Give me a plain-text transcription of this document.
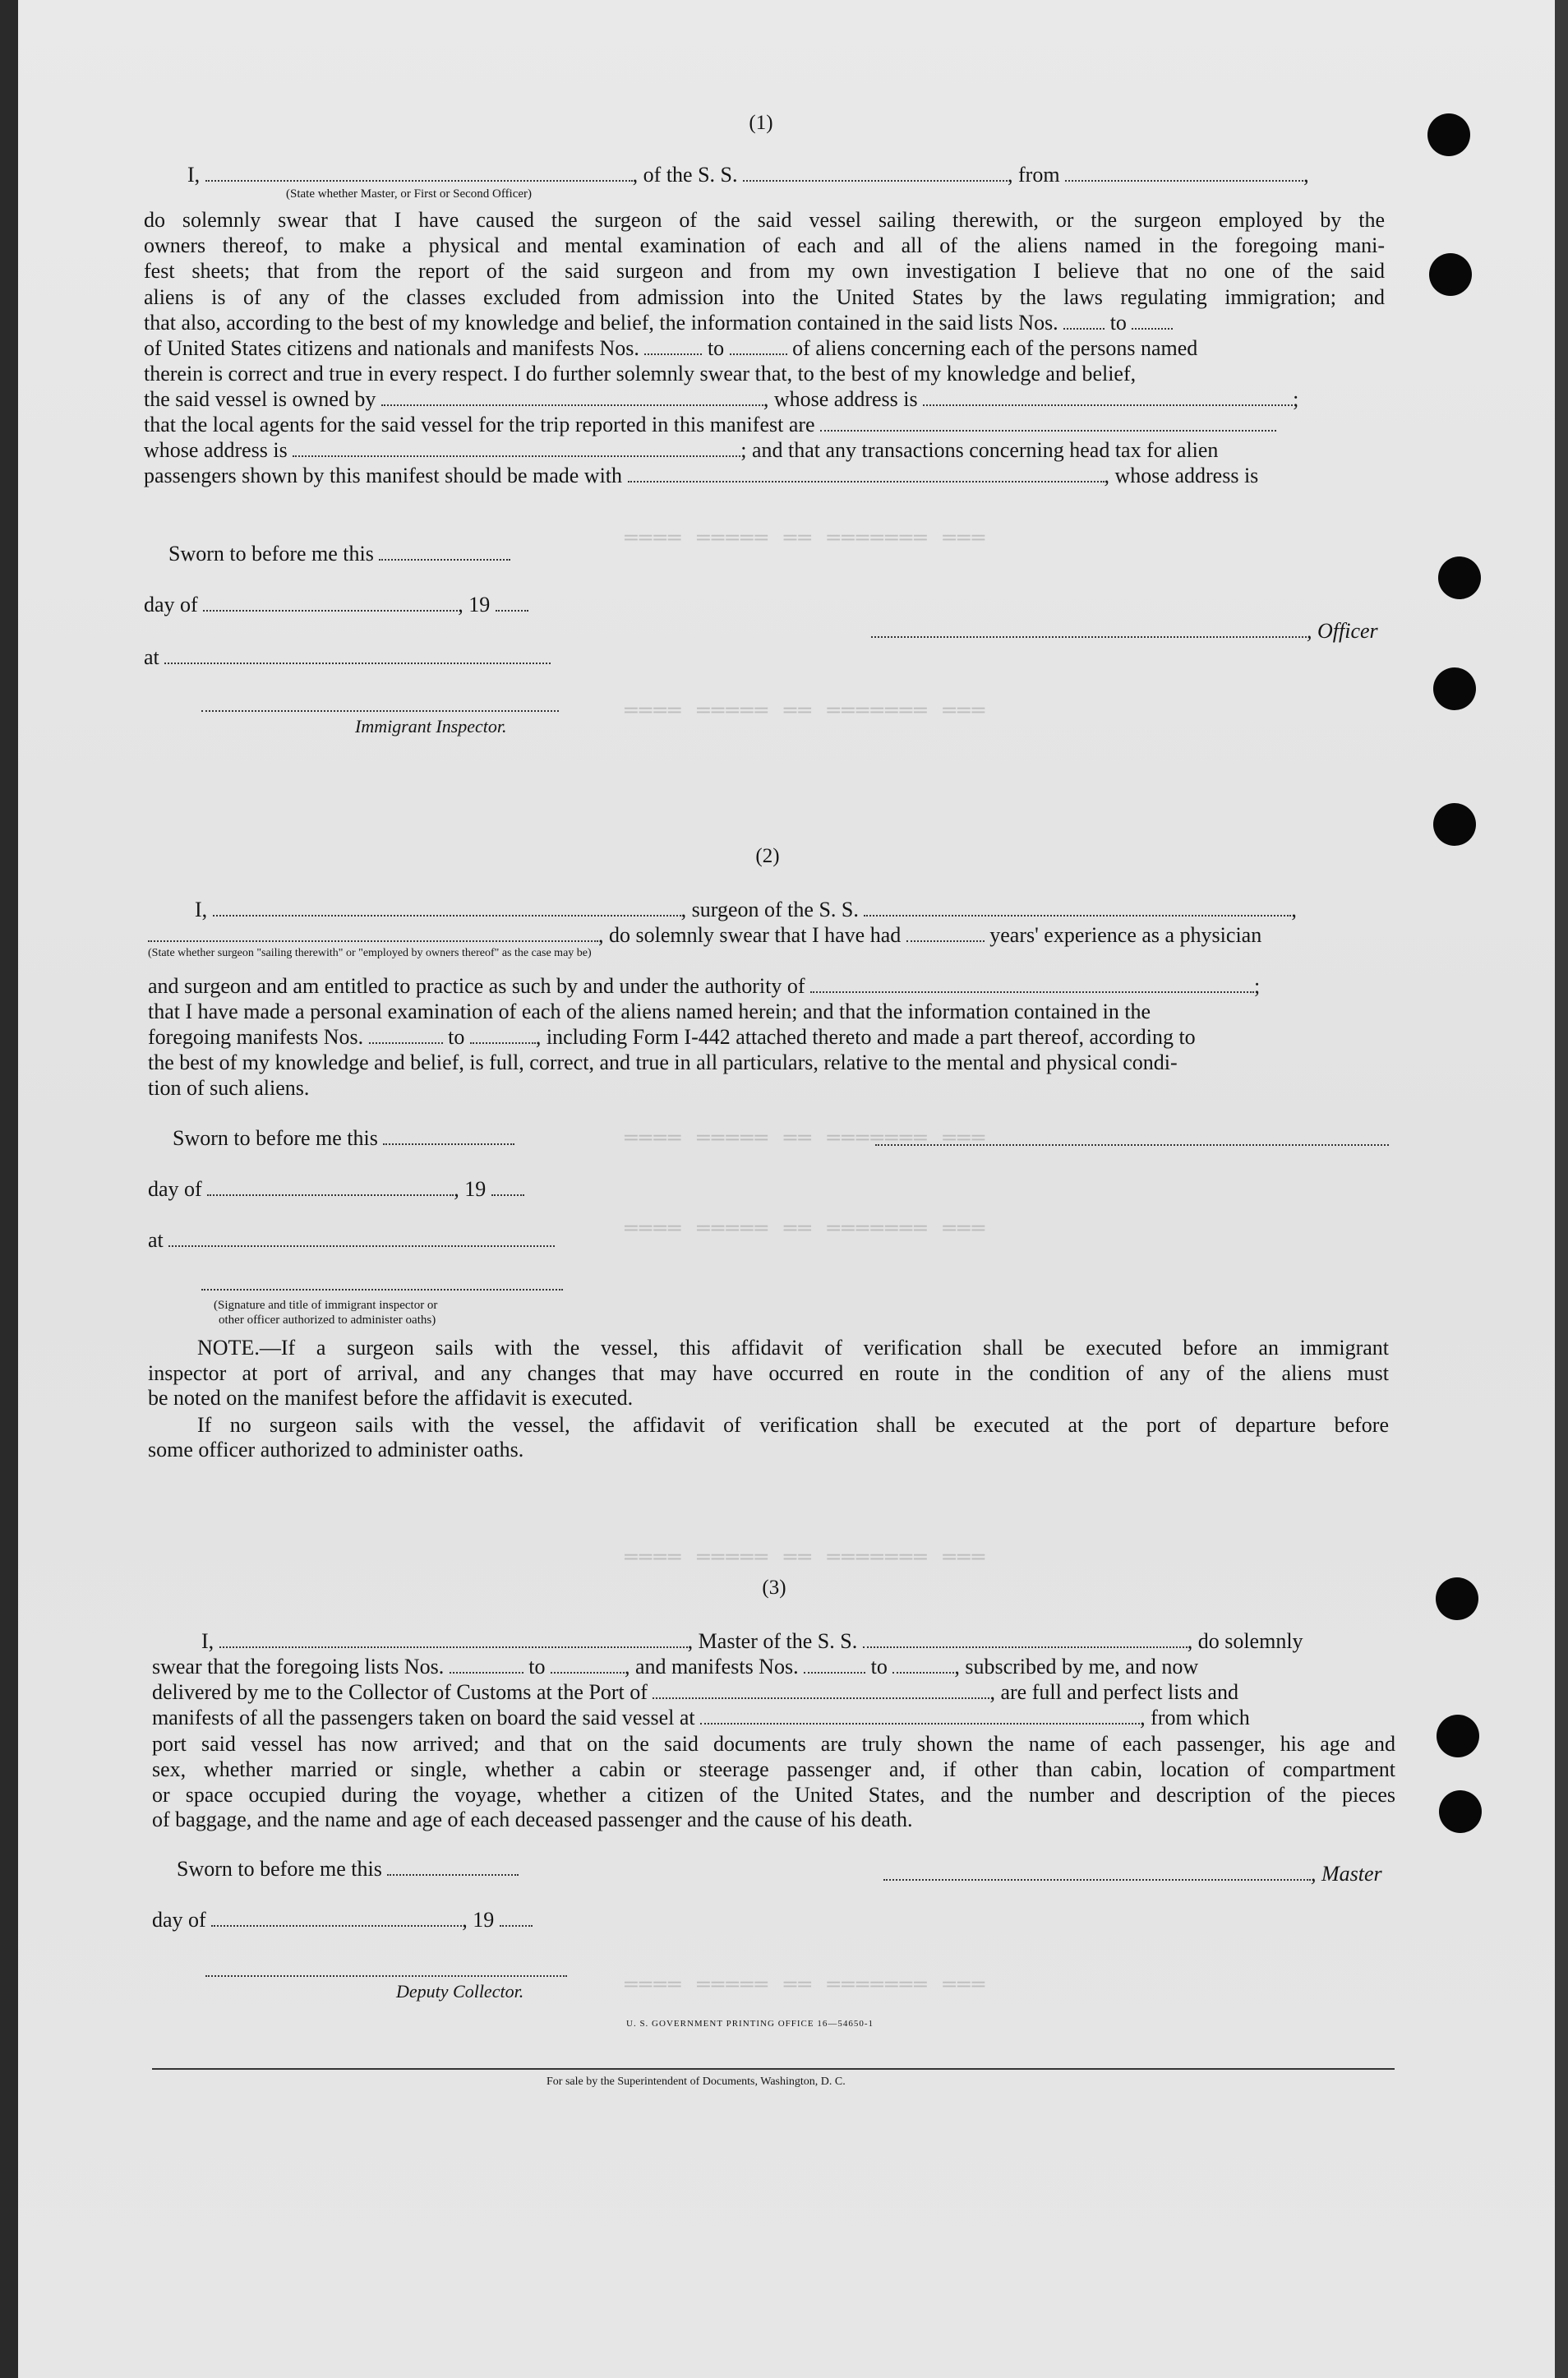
════ ═════ ══ ═══════ ═══
════ ═════ ══ ═══════ ═══
════ ═════ ══ ═══════ ═══
════ ═════ ══ ═══════ ═══
════ ═════ ══ ═══════ ═══
════ ═════ ══ ═══════ ═══
(1)
I,	, of the S. S.	, from	,
(State whether Master, or First or Second Officer)
do solemnly swear that I have caused the surgeon of the said vessel sailing therewith, or the surgeon employed by the
owners thereof, to make a physical and mental examination of each and all of the aliens named in the foregoing mani-
fest sheets; that from the report of the said surgeon and from my own investigation I believe that no one of the said
aliens is of any of the classes excluded from admission into the United States by the laws regulating immigration; and
that also, according to the best of my knowledge and belief, the information contained in the said lists Nos. to
of United States citizens and nationals and manifests Nos.	to	of aliens concerning each of the persons named
therein is correct and true in every respect. I do further solemnly swear that, to the best of my knowledge and belief,
the said vessel is owned by	, whose address is	;
that the local agents for the said vessel for the trip reported in this manifest are
whose address is	; and that any transactions concerning head tax for alien
passengers shown by this manifest should be made with	, whose address is
Sworn to before me this
day of	, 19
, Officer
at
Immigrant Inspector.
(2)
I,	, surgeon of the S. S.	,
, do solemnly swear that I have had	years' experience as a physician
(State whether surgeon "sailing therewith" or "employed by owners thereof" as the case may be)
and surgeon and am entitled to practice as such by and under the authority of	;
that I have made a personal examination of each of the aliens named herein; and that the information contained in the
foregoing manifests Nos.	to	, including Form I-442 attached thereto and made a part thereof, according to
the best of my knowledge and belief, is full, correct, and true in all particulars, relative to the mental and physical condi-
tion of such aliens.
Sworn to before me this
day of	, 19
at
(Signature and title of immigrant inspector or
other officer authorized to administer oaths)
NOTE.—If a surgeon sails with the vessel, this affidavit of verification shall be executed before an immigrant
inspector at port of arrival, and any changes that may have occurred en route in the condition of any of the aliens must
be noted on the manifest before the affidavit is executed.
If no surgeon sails with the vessel, the affidavit of verification shall be executed at the port of departure before
some officer authorized to administer oaths.
(3)
I,	, Master of the S. S.	, do solemnly
swear that the foregoing lists Nos.	to	, and manifests Nos.	to	, subscribed by me, and now
delivered by me to the Collector of Customs at the Port of	, are full and perfect lists and
manifests of all the passengers taken on board the said vessel at	, from which
port said vessel has now arrived; and that on the said documents are truly shown the name of each passenger, his age and
sex, whether married or single, whether a cabin or steerage passenger and, if other than cabin, location of compartment
or space occupied during the voyage, whether a citizen of the United States, and the number and description of the pieces
of baggage, and the name and age of each deceased passenger and the cause of his death.
Sworn to before me this	, Master
day of	, 19
Deputy Collector.
U. S. GOVERNMENT PRINTING OFFICE 16—54650-1
For sale by the Superintendent of Documents, Washington, D. C.
